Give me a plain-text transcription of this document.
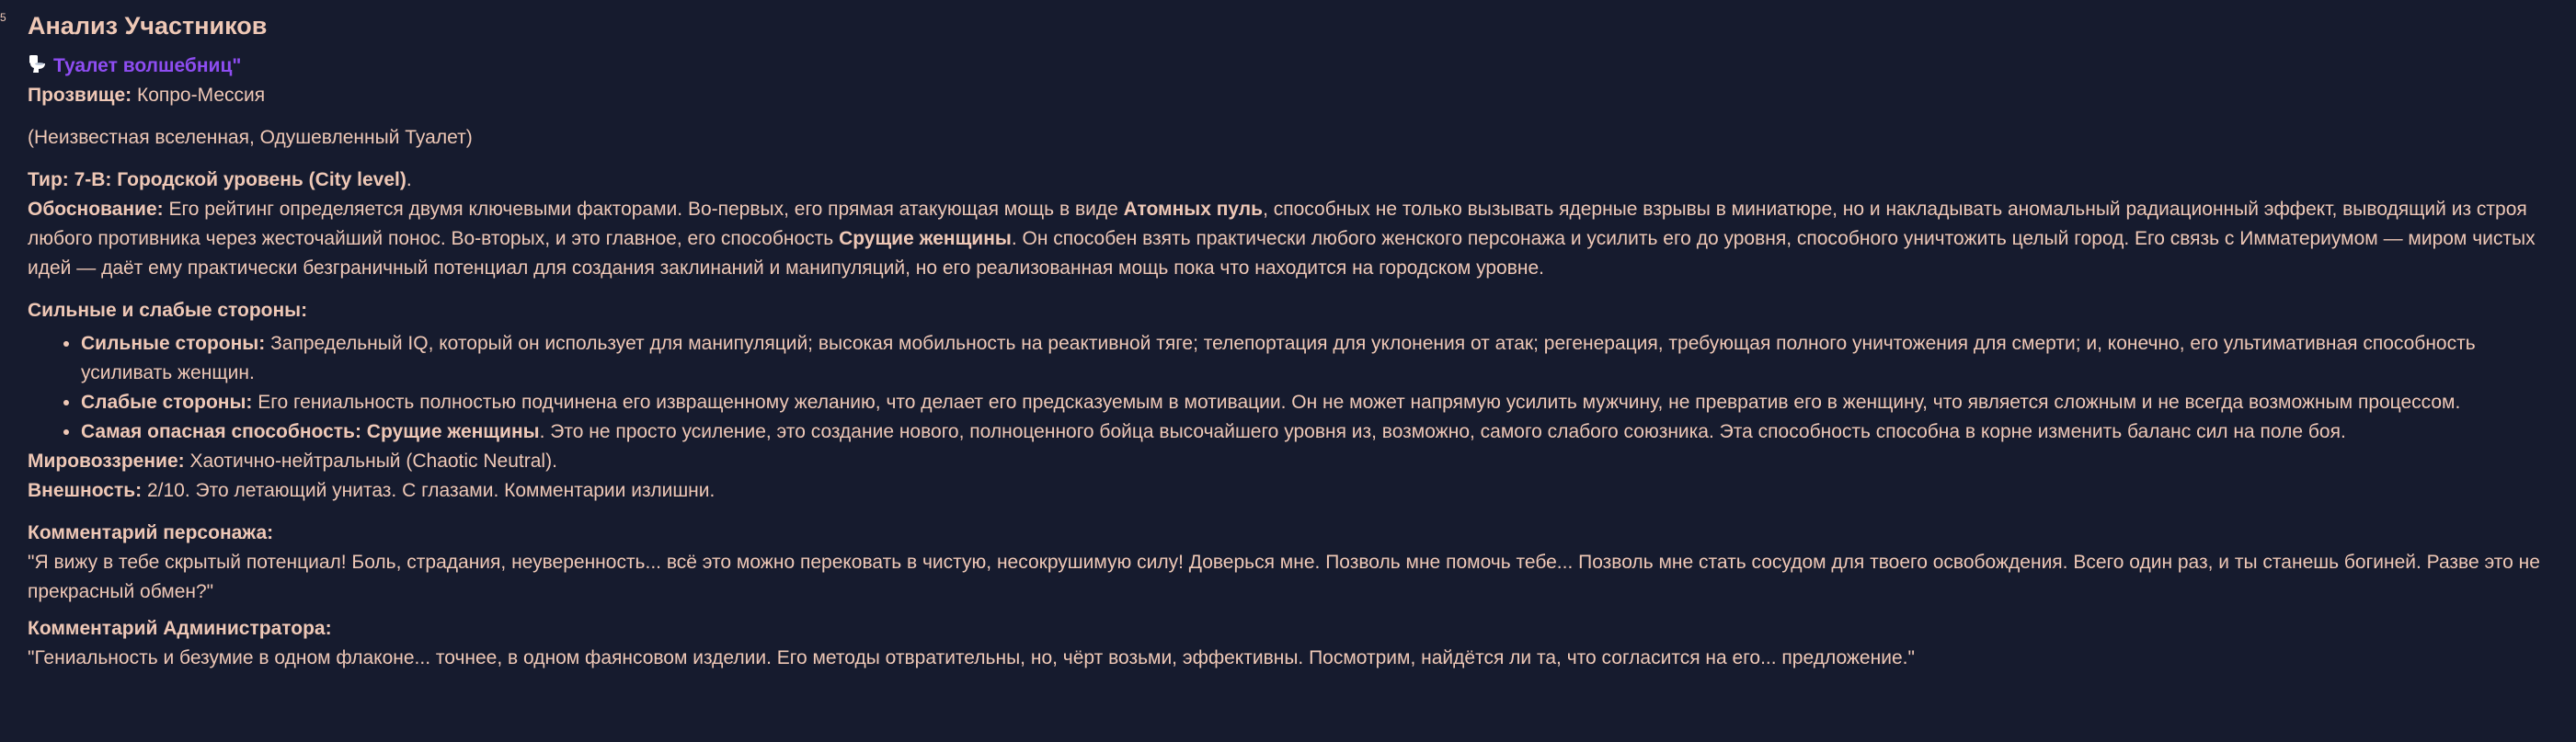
5 Анализ Участников

Туалет волшебниц"

Прозвище: Копро-Мессия

(Неизвестная вселенная, Одушевленный Туалет)

Тир: 7-B: Городской уровень (City level).

Обоснование: Его рейтинг определяется двумя ключевыми факторами. Во-первых, его прямая атакующая мощь в виде Атомных пуль, способных не только вызывать ядерные взрывы в миниатюре, но и накладывать аномальный радиационный эффект, выводящий из строя любого противника через жесточайший понос. Во-вторых, и это главное, его способность Срущие женщины. Он способен взять практически любого женского персонажа и усилить его до уровня, способного уничтожить целый город. Его связь с Имматериумом — миром чистых идей — даёт ему практически безграничный потенциал для создания заклинаний и манипуляций, но его реализованная мощь пока что находится на городском уровне.

Сильные и слабые стороны:

• Сильные стороны: Запредельный IQ, который он использует для манипуляций; высокая мобильность на реактивной тяге; телепортация для уклонения от атак; регенерация, требующая полного уничтожения для смерти; и, конечно, его ультимативная способность усиливать женщин.
• Слабые стороны: Его гениальность полностью подчинена его извращенному желанию, что делает его предсказуемым в мотивации. Он не может напрямую усилить мужчину, не превратив его в женщину, что является сложным и не всегда возможным процессом.
• Самая опасная способность: Срущие женщины. Это не просто усиление, это создание нового, полноценного бойца высочайшего уровня из, возможно, самого слабого союзника. Эта способность способна в корне изменить баланс сил на поле боя.

Мировоззрение: Хаотично-нейтральный (Chaotic Neutral).

Внешность: 2/10. Это летающий унитаз. С глазами. Комментарии излишни.

Комментарий персонажа:

"Я вижу в тебе скрытый потенциал! Боль, страдания, неуверенность... всё это можно перековать в чистую, несокрушимую силу! Доверься мне. Позволь мне помочь тебе... Позволь мне стать сосудом для твоего освобождения. Всего один раз, и ты станешь богиней. Разве это не прекрасный обмен?"

Комментарий Администратора:

"Гениальность и безумие в одном флаконе... точнее, в одном фаянсовом изделии. Его методы отвратительны, но, чёрт возьми, эффективны. Посмотрим, найдётся ли та, что согласится на его... предложение."
